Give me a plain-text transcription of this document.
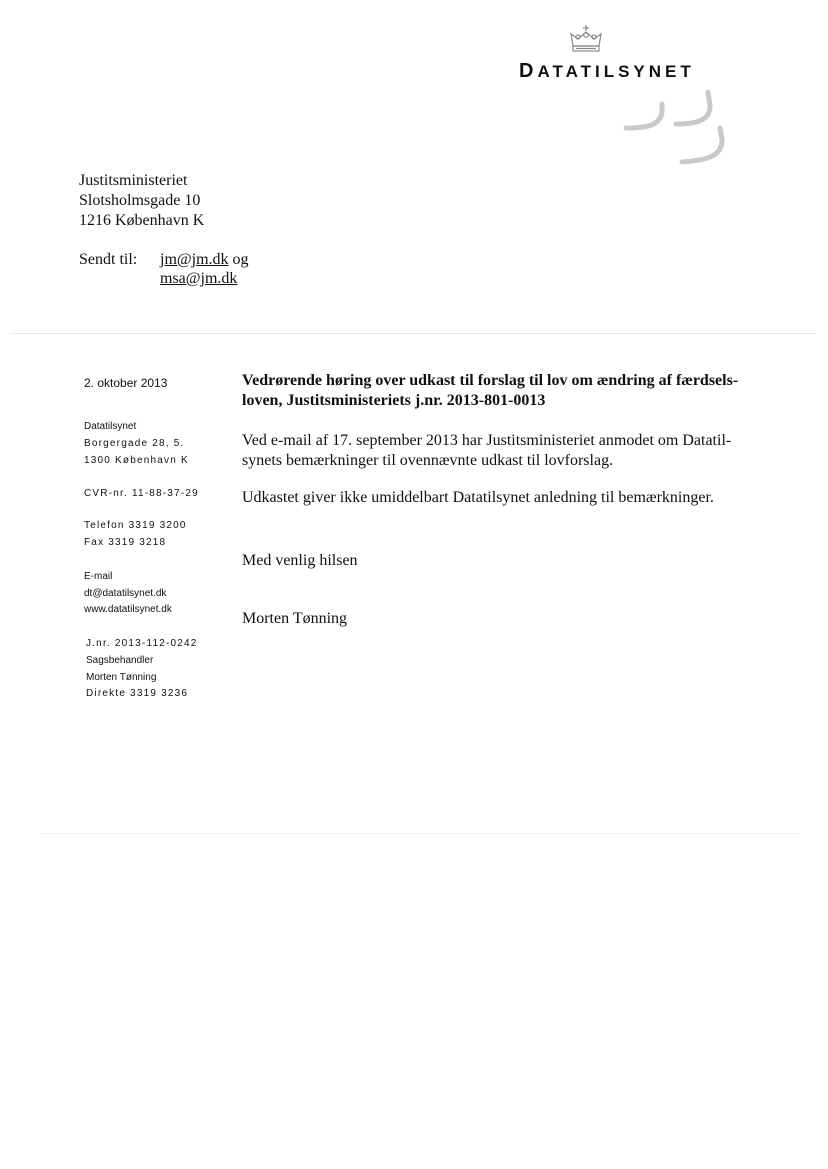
DATATILSYNET
Justitsministeriet
Slotsholmsgade 10
1216 København K
Sendt til: jm@jm.dk og
msa@jm.dk
2. oktober 2013
Datatilsynet
Borgergade 28, 5.
1300 København K
CVR-nr. 11-88-37-29
Telefon 3319 3200
Fax 3319 3218
E-mail
dt@datatilsynet.dk
www.datatilsynet.dk
J.nr. 2013-112-0242
Sagsbehandler
Morten Tønning
Direkte 3319 3236
Vedrørende høring over udkast til forslag til lov om ændring af færdsels-
loven, Justitsministeriets j.nr. 2013-801-0013
Ved e-mail af 17. september 2013 har Justitsministeriet anmodet om Datatil-
synets bemærkninger til ovennævnte udkast til lovforslag.
Udkastet giver ikke umiddelbart Datatilsynet anledning til bemærkninger.
Med venlig hilsen
Morten Tønning
